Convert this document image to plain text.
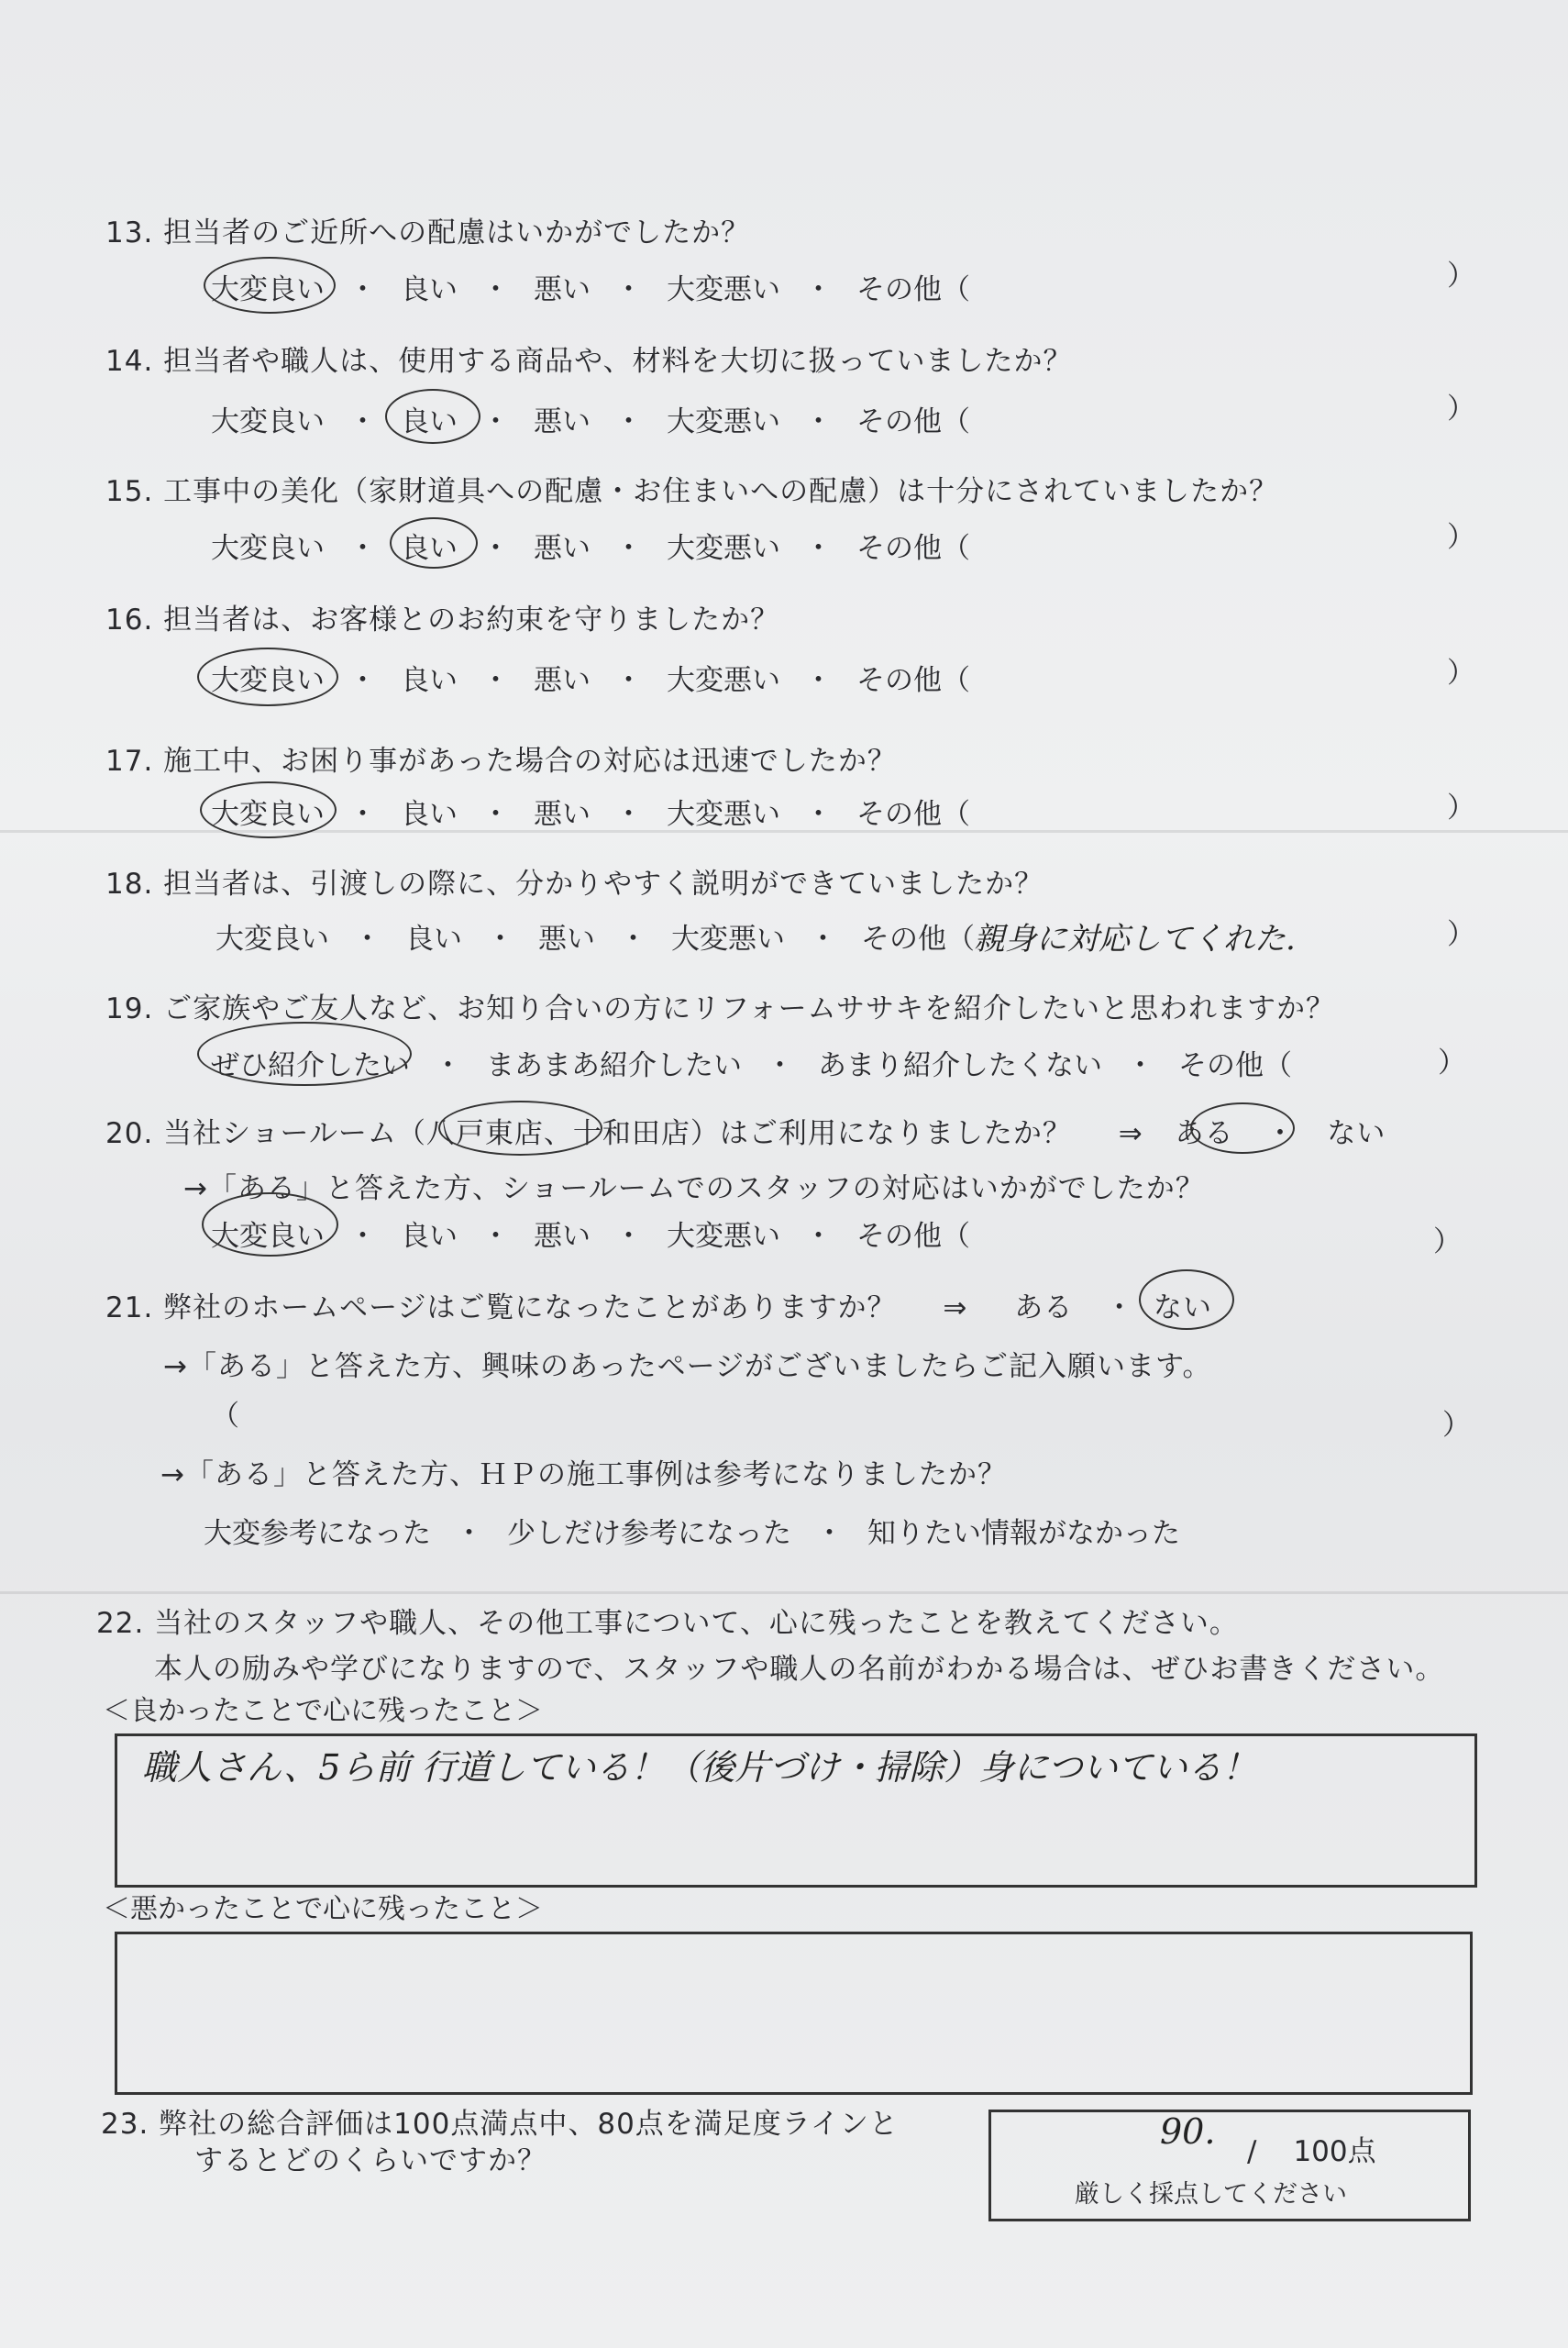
13. 担当者のご近所への配慮はいかがでしたか？
大変良い ・ 良い ・ 悪い ・ 大変悪い ・ その他（	）
14. 担当者や職人は、使用する商品や、材料を大切に扱っていましたか？
大変良い ・ 良い ・ 悪い ・ 大変悪い ・ その他（	）
15. 工事中の美化（家財道具への配慮・お住まいへの配慮）は十分にされていましたか？
大変良い ・ 良い ・ 悪い ・ 大変悪い ・ その他（	）
16. 担当者は、お客様とのお約束を守りましたか？
大変良い ・ 良い ・ 悪い ・ 大変悪い ・ その他（	）
17. 施工中、お困り事があった場合の対応は迅速でしたか？
大変良い ・ 良い ・ 悪い ・ 大変悪い ・ その他（	）
18. 担当者は、引渡しの際に、分かりやすく説明ができていましたか？
大変良い ・ 良い ・ 悪い ・ 大変悪い ・ その他（ 親身に対応してくれた.	）
19. ご家族やご友人など、お知り合いの方にリフォームササキを紹介したいと思われますか？
ぜひ紹介したい ・ まあまあ紹介したい ・ あまり紹介したくない ・ その他（	）
20. 当社ショールーム（八戸東店、十和田店）はご利用になりましたか？ ⇒ ある ・ ない
→「ある」と答えた方、ショールームでのスタッフの対応はいかがでしたか？
大変良い ・ 良い ・ 悪い ・ 大変悪い ・ その他（	）
21. 弊社のホームページはご覧になったことがありますか？ ⇒ ある ・ ない
→「ある」と答えた方、興味のあったページがございましたらご記入願います。
（	）
→「ある」と答えた方、ＨＰの施工事例は参考になりましたか？
大変参考になった ・ 少しだけ参考になった ・ 知りたい情報がなかった
22. 当社のスタッフや職人、その他工事について、心に残ったことを教えてください。
本人の励みや学びになりますので、スタッフや職人の名前がわかる場合は、ぜひお書きください。
＜良かったことで心に残ったこと＞
職人さん、5ら前 行道している！（後片づけ・掃除）身についている！
＜悪かったことで心に残ったこと＞
23. 弊社の総合評価は100点満点中、80点を満足度ラインと
するとどのくらいですか？
90. / 100点
厳しく採点してください
